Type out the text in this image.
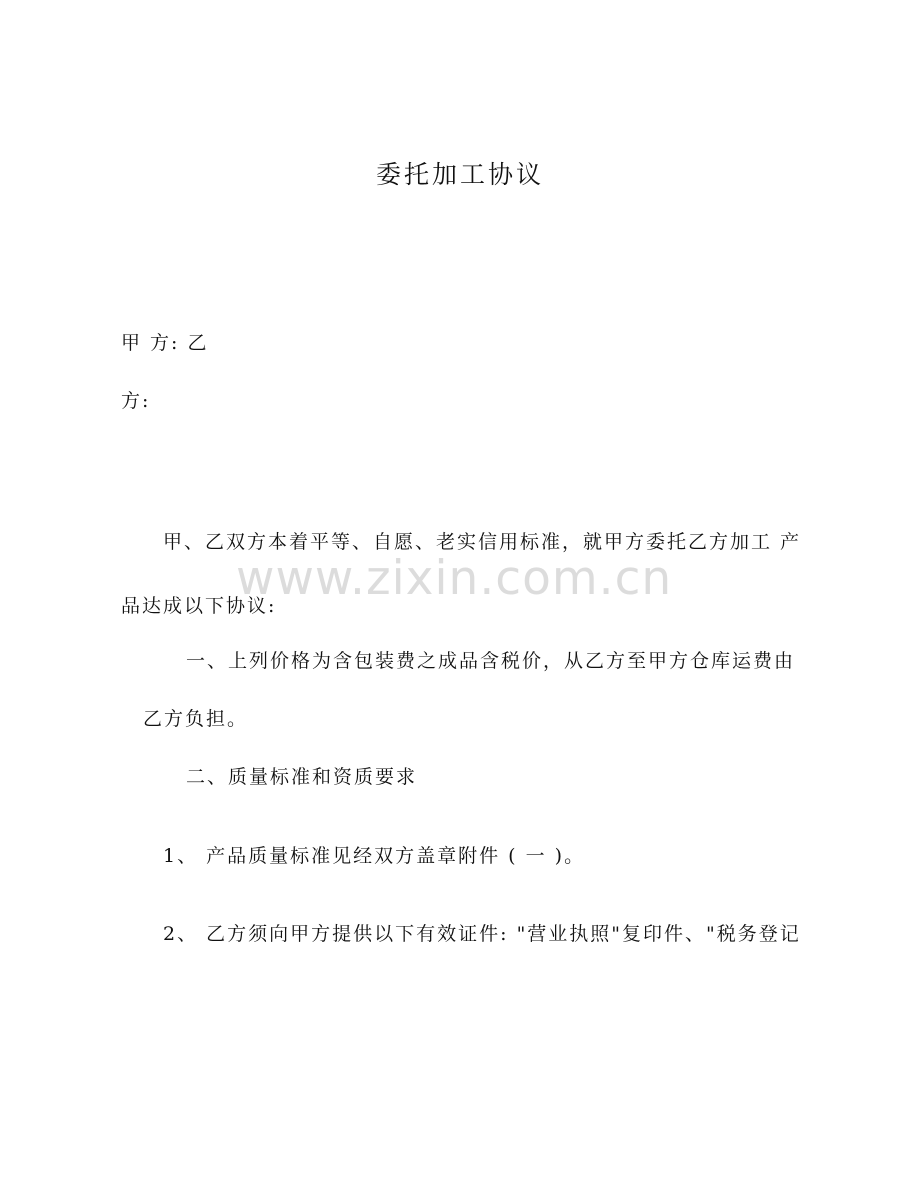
委托加工协议
甲 方: 乙
方:
甲、乙双方本着平等、自愿、老实信用标准，就甲方委托乙方加工 产
www.zixin.com.cn
品达成以下协议:
一、上列价格为含包装费之成品含税价，从乙方至甲方仓库运费由
乙方负担。
二、质量标准和资质要求
1、 产品质量标准见经双方盖章附件 ( 一 )。
2、 乙方须向甲方提供以下有效证件: "营业执照"复印件、"税务登记
